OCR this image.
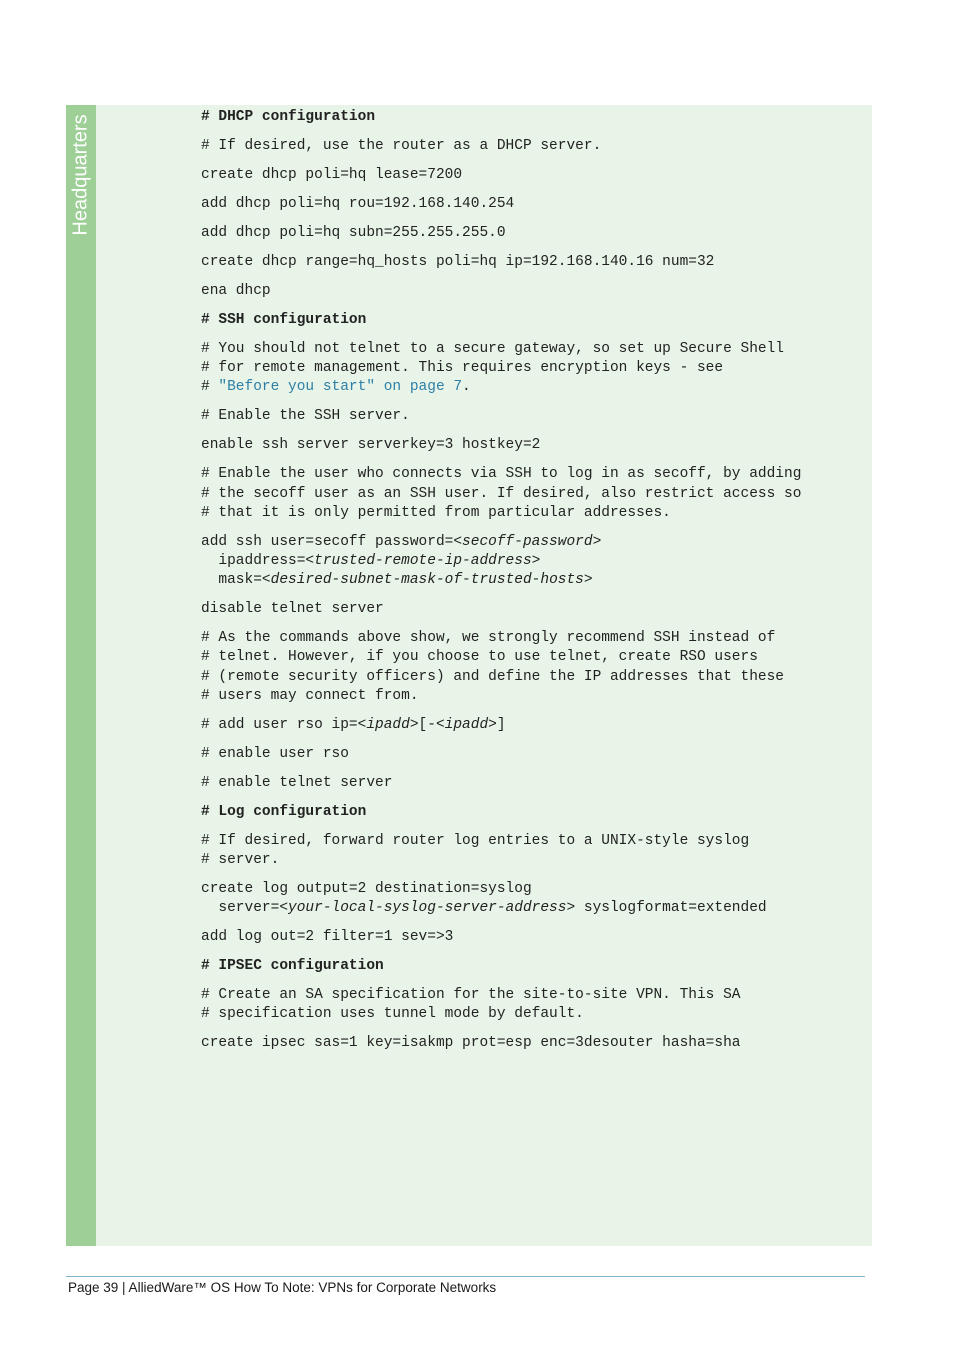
Headquarters	# DHCP configuration
# If desired, use the router as a DHCP server.
create dhcp poli=hq lease=7200
add dhcp poli=hq rou=192.168.140.254
add dhcp poli=hq subn=255.255.255.0
create dhcp range=hq_hosts poli=hq ip=192.168.140.16 num=32
ena dhcp
# SSH configuration
# You should not telnet to a secure gateway, so set up Secure Shell
# for remote management. This requires encryption keys - see
# "Before you start" on page 7.
# Enable the SSH server.
enable ssh server serverkey=3 hostkey=2
# Enable the user who connects via SSH to log in as secoff, by adding
# the secoff user as an SSH user. If desired, also restrict access so
# that it is only permitted from particular addresses.
add ssh user=secoff password=<secoff-password>
ipaddress=<trusted-remote-ip-address>
mask=<desired-subnet-mask-of-trusted-hosts>
disable telnet server
# As the commands above show, we strongly recommend SSH instead of
# telnet. However, if you choose to use telnet, create RSO users
# (remote security officers) and define the IP addresses that these
# users may connect from.
# add user rso ip=<ipadd>[-<ipadd>]
# enable user rso
# enable telnet server
# Log configuration
# If desired, forward router log entries to a UNIX-style syslog
# server.
create log output=2 destination=syslog
server=<your-local-syslog-server-address> syslogformat=extended
add log out=2 filter=1 sev=>3
# IPSEC configuration
# Create an SA specification for the site-to-site VPN. This SA
# specification uses tunnel mode by default.
create ipsec sas=1 key=isakmp prot=esp enc=3desouter hasha=sha
Page 39 | AlliedWare™ OS How To Note: VPNs for Corporate Networks
